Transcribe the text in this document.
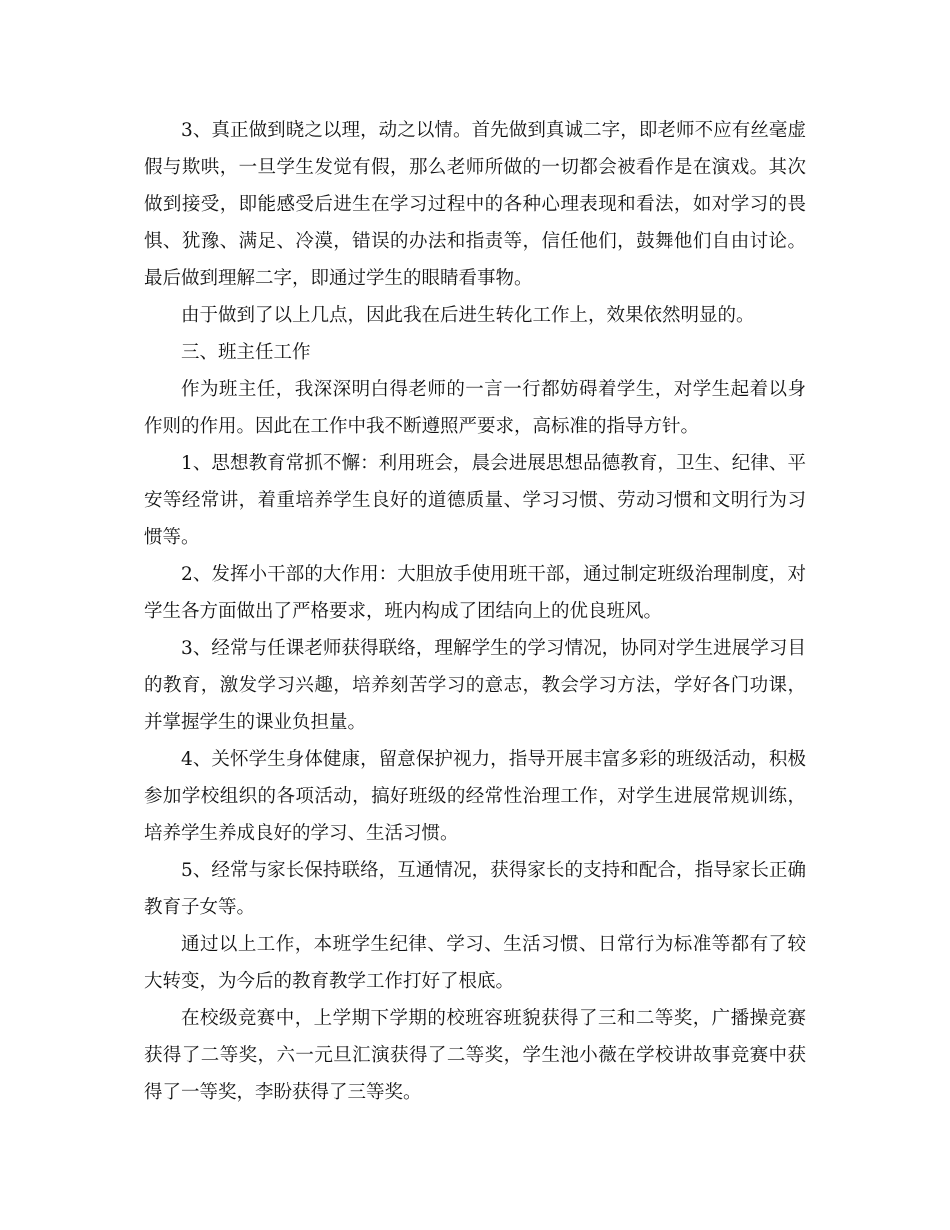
3、真正做到晓之以理，动之以情。首先做到真诚二字，即老师不应有丝毫虚假与欺哄，一旦学生发觉有假，那么老师所做的一切都会被看作是在演戏。其次做到接受，即能感受后进生在学习过程中的各种心理表现和看法，如对学习的畏惧、犹豫、满足、冷漠，错误的办法和指责等，信任他们，鼓舞他们自由讨论。最后做到理解二字，即通过学生的眼睛看事物。

由于做到了以上几点，因此我在后进生转化工作上，效果依然明显的。

三、班主任工作

作为班主任，我深深明白得老师的一言一行都妨碍着学生，对学生起着以身作则的作用。因此在工作中我不断遵照严要求，高标准的指导方针。

1、思想教育常抓不懈：利用班会，晨会进展思想品德教育，卫生、纪律、平安等经常讲，着重培养学生良好的道德质量、学习习惯、劳动习惯和文明行为习惯等。

2、发挥小干部的大作用：大胆放手使用班干部，通过制定班级治理制度，对学生各方面做出了严格要求，班内构成了团结向上的优良班风。

3、经常与任课老师获得联络，理解学生的学习情况，协同对学生进展学习目的教育，激发学习兴趣，培养刻苦学习的意志，教会学习方法，学好各门功课，并掌握学生的课业负担量。

4、关怀学生身体健康，留意保护视力，指导开展丰富多彩的班级活动，积极参加学校组织的各项活动，搞好班级的经常性治理工作，对学生进展常规训练，培养学生养成良好的学习、生活习惯。

5、经常与家长保持联络，互通情况，获得家长的支持和配合，指导家长正确教育子女等。

通过以上工作，本班学生纪律、学习、生活习惯、日常行为标准等都有了较大转变，为今后的教育教学工作打好了根底。

在校级竞赛中，上学期下学期的校班容班貌获得了三和二等奖，广播操竞赛获得了二等奖，六一元旦汇演获得了二等奖，学生池小薇在学校讲故事竞赛中获得了一等奖，李盼获得了三等奖。
